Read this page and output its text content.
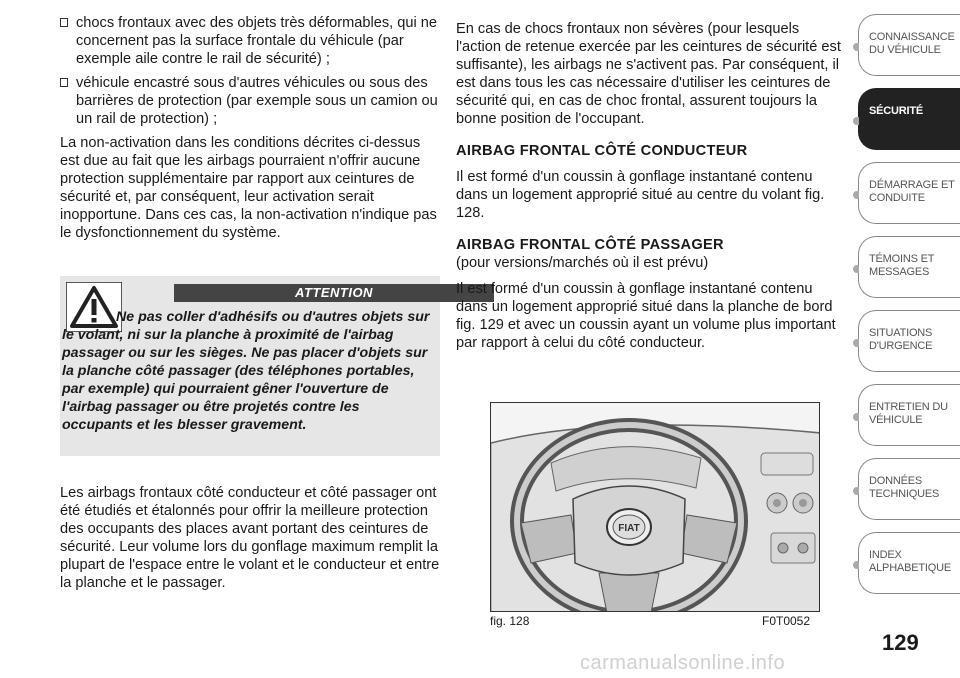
chocs frontaux avec des objets très déformables, qui ne concernent pas la surface frontale du véhicule (par exemple aile contre le rail de sécurité) ;
véhicule encastré sous d'autres véhicules ou sous des barrières de protection (par exemple sous un camion ou un rail de protection) ;

La non-activation dans les conditions décrites ci-dessus est due au fait que les airbags pourraient n'offrir aucune protection supplémentaire par rapport aux ceintures de sécurité et, par conséquent, leur activation serait inopportune. Dans ces cas, la non-activation n'indique pas le dysfonctionnement du système.

ATTENTION
Ne pas coller d'adhésifs ou d'autres objets sur le volant, ni sur la planche à proximité de l'airbag passager ou sur les sièges. Ne pas placer d'objets sur la planche côté passager (des téléphones portables, par exemple) qui pourraient gêner l'ouverture de l'airbag passager ou être projetés contre les occupants et les blesser gravement.

Les airbags frontaux côté conducteur et côté passager ont été étudiés et étalonnés pour offrir la meilleure protection des occupants des places avant portant des ceintures de sécurité. Leur volume lors du gonflage maximum remplit la plupart de l'espace entre le volant et le conducteur et entre la planche et le passager.

En cas de chocs frontaux non sévères (pour lesquels l'action de retenue exercée par les ceintures de sécurité est suffisante), les airbags ne s'activent pas. Par conséquent, il est dans tous les cas nécessaire d'utiliser les ceintures de sécurité qui, en cas de choc frontal, assurent toujours la bonne position de l'occupant.

AIRBAG FRONTAL CÔTÉ CONDUCTEUR

Il est formé d'un coussin à gonflage instantané contenu dans un logement approprié situé au centre du volant fig. 128.

AIRBAG FRONTAL CÔTÉ PASSAGER

(pour versions/marchés où il est prévu)

Il est formé d'un coussin à gonflage instantané contenu dans un logement approprié situé dans la planche de bord fig. 129 et avec un coussin ayant un volume plus important par rapport à celui du côté conducteur.

FIAT
fig. 128	F0T0052
CONNAISSANCE DU VÉHICULE
SÉCURITÉ
DÉMARRAGE ET CONDUITE
TÉMOINS ET MESSAGES
SITUATIONS D'URGENCE
ENTRETIEN DU VÉHICULE
DONNÉES TECHNIQUES
INDEX ALPHABETIQUE
129
carmanualsonline.info
